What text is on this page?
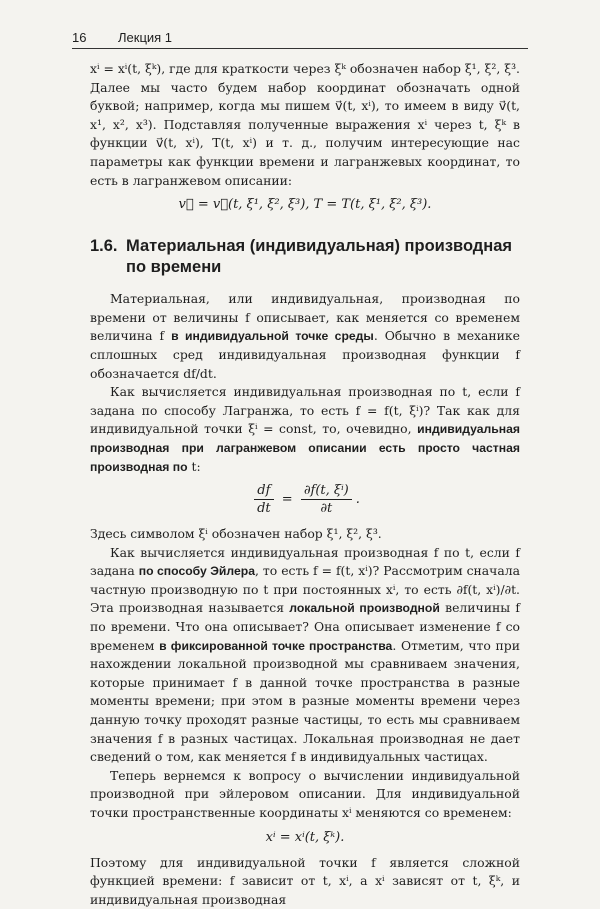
16 Лекция 1

xⁱ = xⁱ(t, ξᵏ), где для краткости через ξᵏ обозначен набор ξ¹, ξ², ξ³. Далее мы часто будем набор координат обозначать одной буквой; например, когда мы пишем v⃗(t, xⁱ), то имеем в виду v⃗(t, x¹, x², x³). Подставляя полученные выражения xⁱ через t, ξᵏ в функции v⃗(t, xⁱ), T(t, xⁱ) и т. д., получим интересующие нас параметры как функции времени и лагранжевых координат, то есть в лагранжевом описании:

v⃗ = v⃗(t, ξ¹, ξ², ξ³), T = T(t, ξ¹, ξ², ξ³).
1.6. Материальная (индивидуальная) производная по времени

Материальная, или индивидуальная, производная по времени от величины f описывает, как меняется со временем величина f в индивидуальной точке среды. Обычно в механике сплошных сред индивидуальная производная функции f обозначается df/dt.

Как вычисляется индивидуальная производная по t, если f задана по способу Лагранжа, то есть f = f(t, ξⁱ)? Так как для индивидуальной точки ξⁱ = const, то, очевидно, индивидуальная производная при лагранжевом описании есть просто частная производная по t:

$\frac{df}{dt} = \frac{\text{∂f(t, ξⁱ)}}{\partial t}$ .

Здесь символом ξⁱ обозначен набор ξ¹, ξ², ξ³.

Как вычисляется индивидуальная производная f по t, если f задана по способу Эйлера, то есть f = f(t, xⁱ)? Рассмотрим сначала частную производную по t при постоянных xⁱ, то есть ∂f(t, xⁱ)/∂t. Эта производная называется локальной производной величины f по времени. Что она описывает? Она описывает изменение f со временем в фиксированной точке пространства. Отметим, что при нахождении локальной производной мы сравниваем значения, которые принимает f в данной точке пространства в разные моменты времени; при этом в разные моменты времени через данную точку проходят разные частицы, то есть мы сравниваем значения f в разных частицах. Локальная производная не дает сведений о том, как меняется f в индивидуальных частицах.

Теперь вернемся к вопросу о вычислении индивидуальной производной при эйлеровом описании. Для индивидуальной точки пространственные координаты xⁱ меняются со временем:

xⁱ = xⁱ(t, ξᵏ).

Поэтому для индивидуальной точки f является сложной функцией времени: f зависит от t, xⁱ, а xⁱ зависят от t, ξᵏ, и индивидуальная производная
